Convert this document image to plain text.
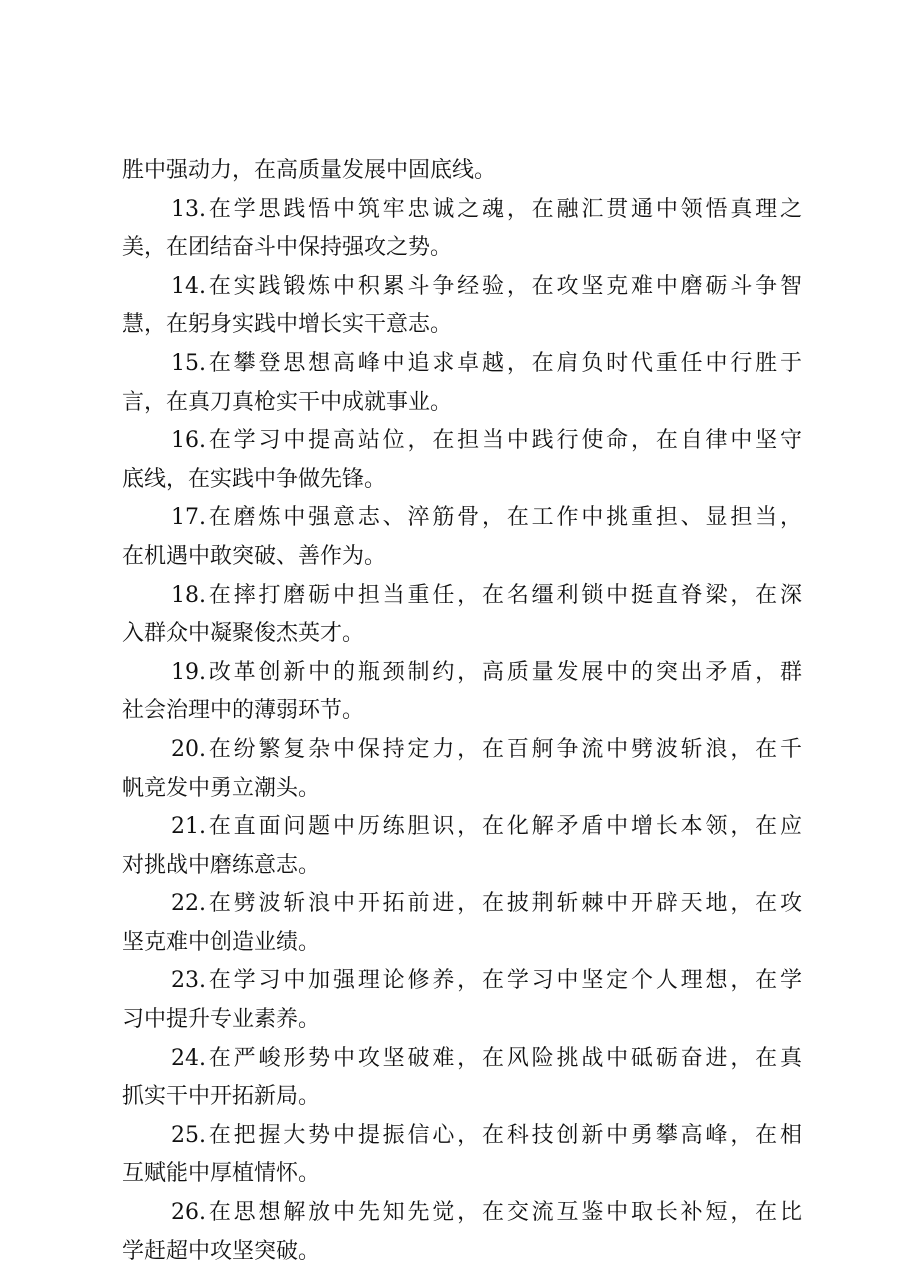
胜中强动力，在高质量发展中固底线。
13.在学思践悟中筑牢忠诚之魂，在融汇贯通中领悟真理之
美，在团结奋斗中保持强攻之势。
14.在实践锻炼中积累斗争经验，在攻坚克难中磨砺斗争智
慧，在躬身实践中增长实干意志。
15.在攀登思想高峰中追求卓越，在肩负时代重任中行胜于
言，在真刀真枪实干中成就事业。
16.在学习中提高站位，在担当中践行使命，在自律中坚守
底线，在实践中争做先锋。
17.在磨炼中强意志、淬筋骨，在工作中挑重担、显担当，
在机遇中敢突破、善作为。
18.在摔打磨砺中担当重任，在名缰利锁中挺直脊梁，在深
入群众中凝聚俊杰英才。
19.改革创新中的瓶颈制约，高质量发展中的突出矛盾，群
社会治理中的薄弱环节。
20.在纷繁复杂中保持定力，在百舸争流中劈波斩浪，在千
帆竞发中勇立潮头。
21.在直面问题中历练胆识，在化解矛盾中增长本领，在应
对挑战中磨练意志。
22.在劈波斩浪中开拓前进，在披荆斩棘中开辟天地，在攻
坚克难中创造业绩。
23.在学习中加强理论修养，在学习中坚定个人理想，在学
习中提升专业素养。
24.在严峻形势中攻坚破难，在风险挑战中砥砺奋进，在真
抓实干中开拓新局。
25.在把握大势中提振信心，在科技创新中勇攀高峰，在相
互赋能中厚植情怀。
26.在思想解放中先知先觉，在交流互鉴中取长补短，在比
学赶超中攻坚突破。
